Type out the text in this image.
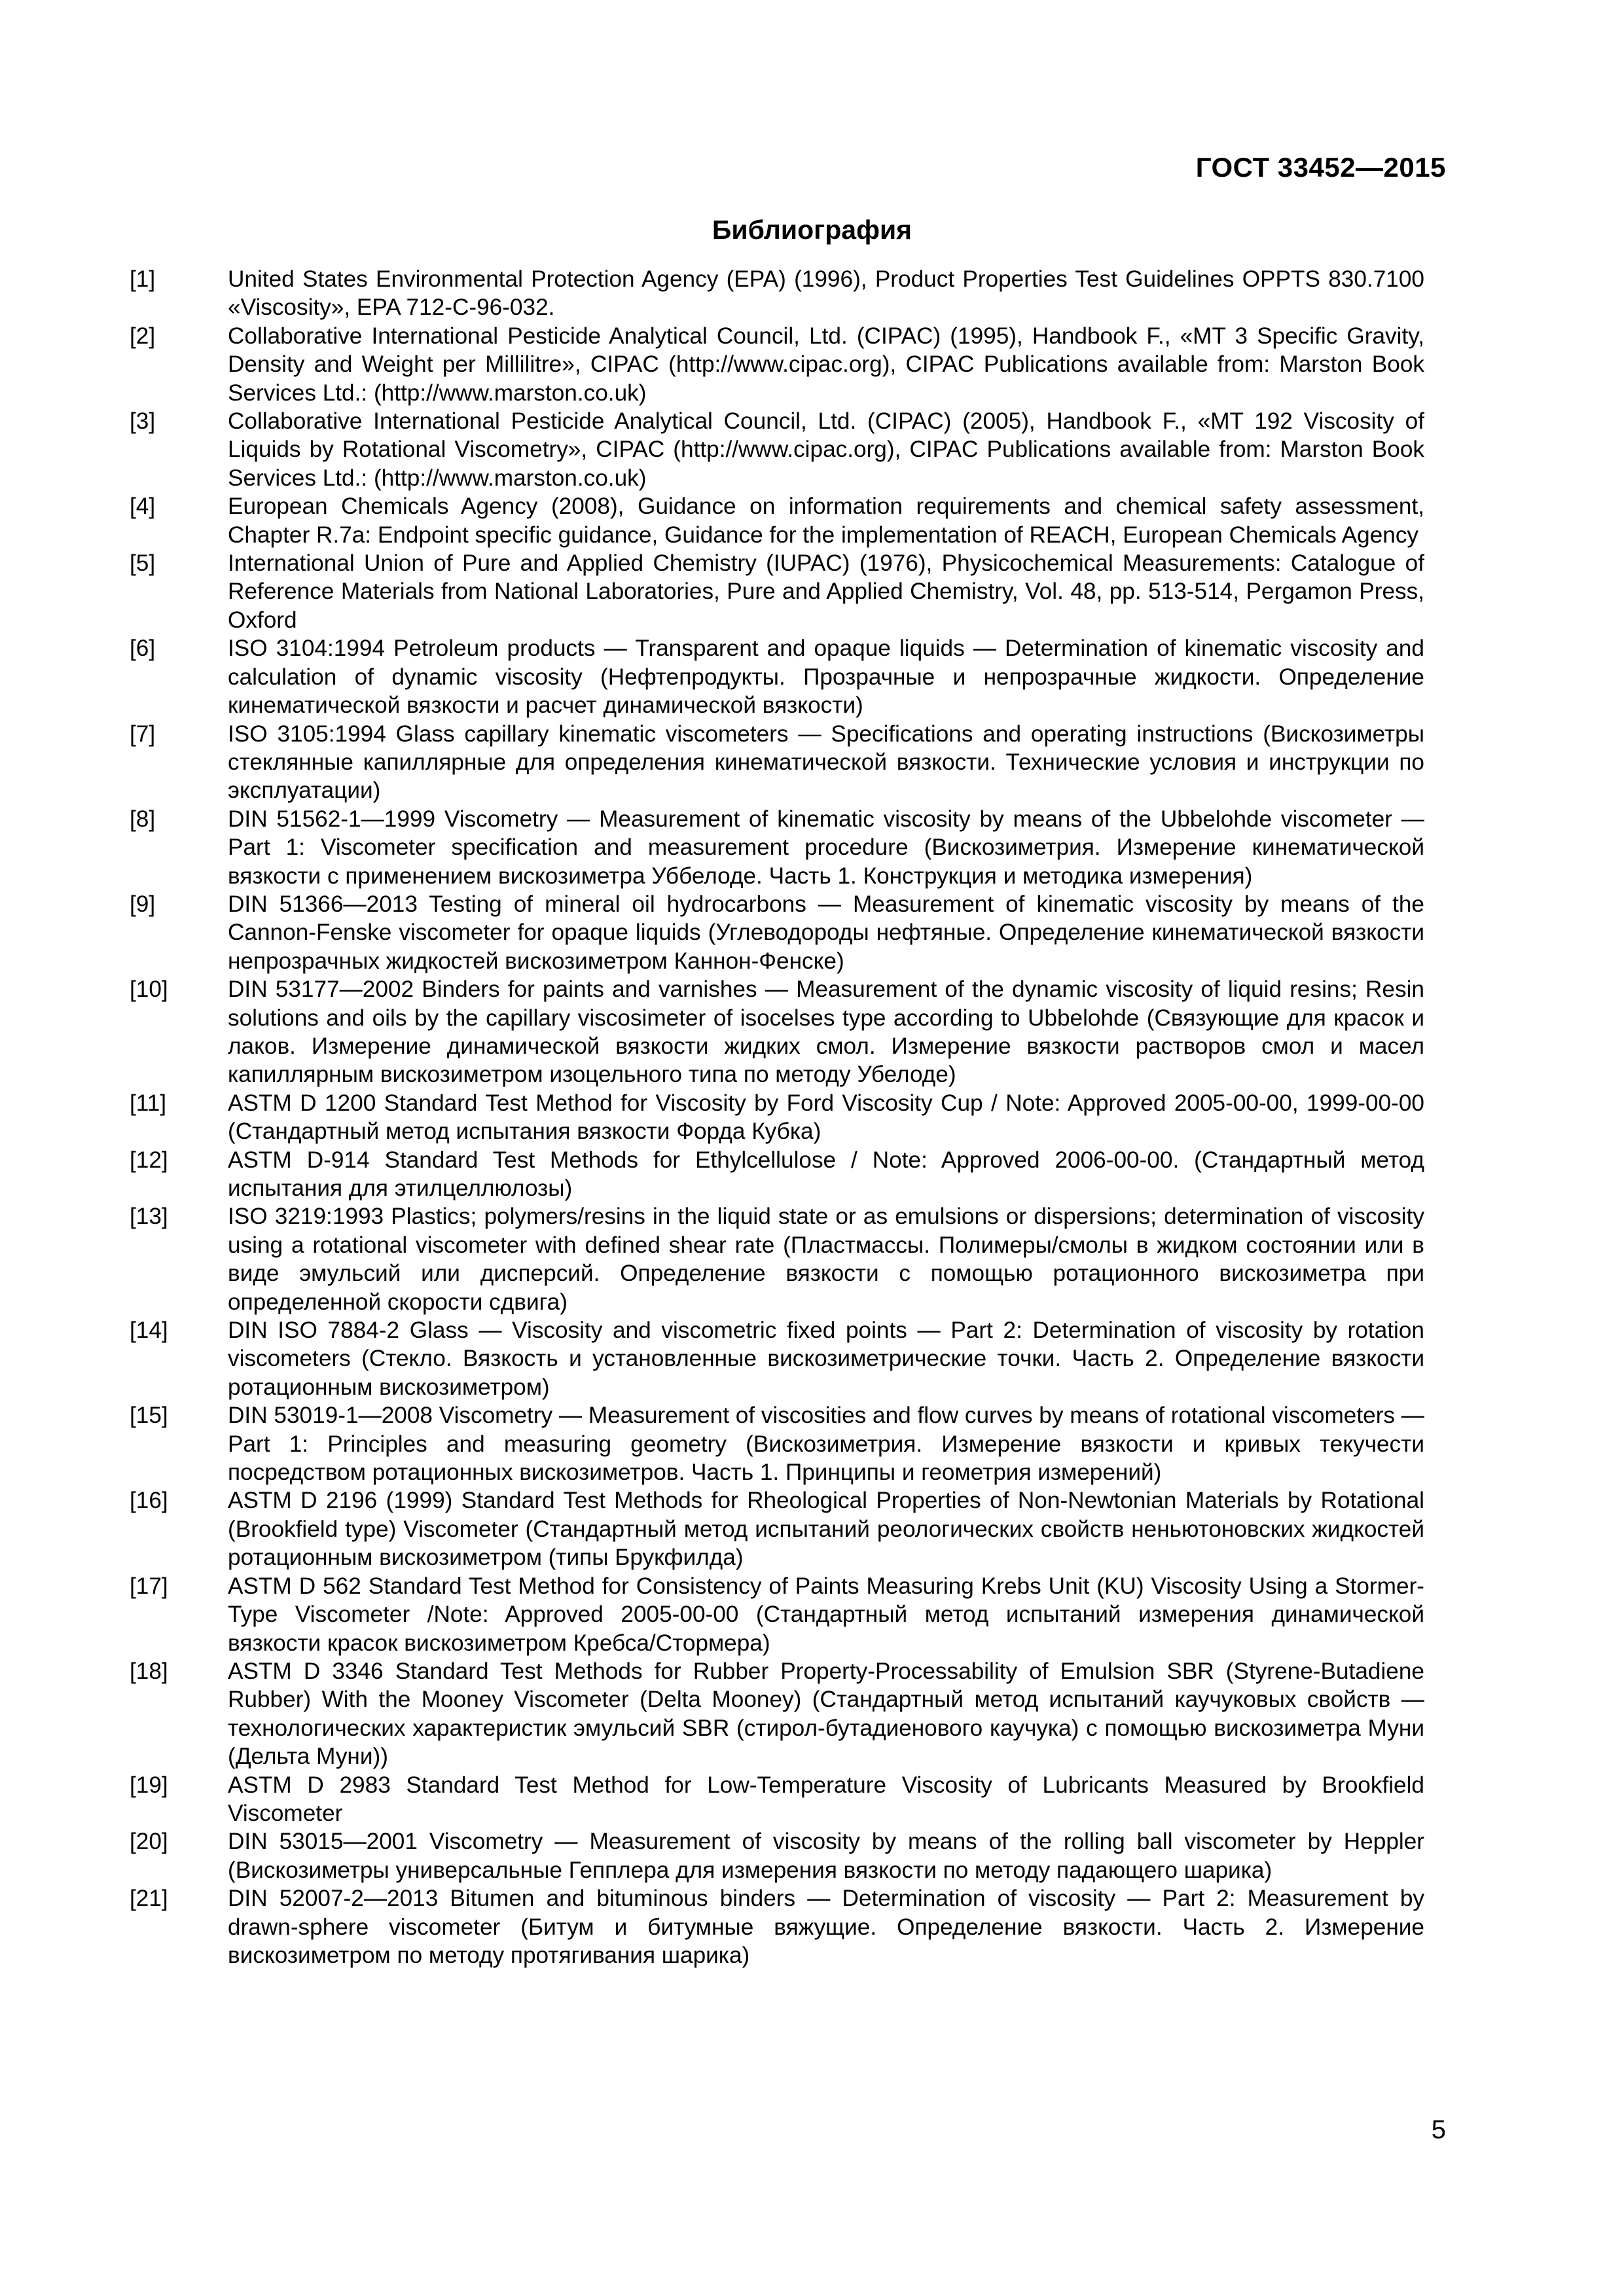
ГОСТ 33452—2015
Библиография
[1]	United States Environmental Protection Agency (EPA) (1996), Product Properties Test Guidelines OPPTS 830.7100 «Viscosity», EPA 712-C-96-032.
[2]	Collaborative International Pesticide Analytical Council, Ltd. (CIPAC) (1995), Handbook F., «MT 3 Specific Gravity, Density and Weight per Millilitre», CIPAC (http://www.cipac.org), CIPAC Publications available from: Marston Book Services Ltd.: (http://www.marston.co.uk)
[3]	Collaborative International Pesticide Analytical Council, Ltd. (CIPAC) (2005), Handbook F., «MT 192 Viscosity of Liquids by Rotational Viscometry», CIPAC (http://www.cipac.org), CIPAC Publications available from: Marston Book Services Ltd.: (http://www.marston.co.uk)
[4]	European Chemicals Agency (2008), Guidance on information requirements and chemical safety assessment, Chapter R.7a: Endpoint specific guidance, Guidance for the implementation of REACH, European Chemicals Agency
[5]	International Union of Pure and Applied Chemistry (IUPAC) (1976), Physicochemical Measurements: Catalogue of Reference Materials from National Laboratories, Pure and Applied Chemistry, Vol. 48, pp. 513-514, Pergamon Press, Oxford
[6]	ISO 3104:1994 Petroleum products — Transparent and opaque liquids — Determination of kinematic viscosity and calculation of dynamic viscosity (Нефтепродукты. Прозрачные и непрозрачные жидкости. Определение кинематической вязкости и расчет динамической вязкости)
[7]	ISO 3105:1994 Glass capillary kinematic viscometers — Specifications and operating instructions (Вискозиметры стеклянные капиллярные для определения кинематической вязкости. Технические условия и инструкции по эксплуатации)
[8]	DIN 51562-1—1999 Viscometry — Measurement of kinematic viscosity by means of the Ubbelohde viscometer — Part 1: Viscometer specification and measurement procedure (Вискозиметрия. Измерение кинематической вязкости с применением вискозиметра Уббелоде. Часть 1. Конструкция и методика измерения)
[9]	DIN 51366—2013 Testing of mineral oil hydrocarbons — Measurement of kinematic viscosity by means of the Cannon-Fenske viscometer for opaque liquids (Углеводороды нефтяные. Определение кинематической вязкости непрозрачных жидкостей вискозиметром Каннон-Фенске)
[10]	DIN 53177—2002 Binders for paints and varnishes — Measurement of the dynamic viscosity of liquid resins; Resin solutions and oils by the capillary viscosimeter of isocelses type according to Ubbelohde (Связующие для красок и лаков. Измерение динамической вязкости жидких смол. Измерение вязкости растворов смол и масел капиллярным вискозиметром изоцельного типа по методу Убелоде)
[11]	ASTM D 1200 Standard Test Method for Viscosity by Ford Viscosity Cup / Note: Approved 2005-00-00, 1999-00-00 (Стандартный метод испытания вязкости Форда Кубка)
[12]	ASTM D-914 Standard Test Methods for Ethylcellulose / Note: Approved 2006-00-00. (Стандартный метод испытания для этилцеллюлозы)
[13]	ISO 3219:1993 Plastics; polymers/resins in the liquid state or as emulsions or dispersions; determination of viscosity using a rotational viscometer with defined shear rate (Пластмассы. Полимеры/смолы в жидком состоянии или в виде эмульсий или дисперсий. Определение вязкости с помощью ротационного вискозиметра при определенной скорости сдвига)
[14]	DIN ISO 7884-2 Glass — Viscosity and viscometric fixed points — Part 2: Determination of viscosity by rotation viscometers (Стекло. Вязкость и установленные вискозиметрические точки. Часть 2. Определение вязкости ротационным вискозиметром)
[15]	DIN 53019-1—2008 Viscometry — Measurement of viscosities and flow curves by means of rotational viscometers — Part 1: Principles and measuring geometry (Вискозиметрия. Измерение вязкости и кривых текучести посредством ротационных вискозиметров. Часть 1. Принципы и геометрия измерений)
[16]	ASTM D 2196 (1999) Standard Test Methods for Rheological Properties of Non-Newtonian Materials by Rotational (Brookfield type) Viscometer (Стандартный метод испытаний реологических свойств неньютоновских жидкостей ротационным вискозиметром (типы Брукфилда)
[17]	ASTM D 562 Standard Test Method for Consistency of Paints Measuring Krebs Unit (KU) Viscosity Using a Stormer-Type Viscometer /Note: Approved 2005-00-00 (Стандартный метод испытаний измерения динамической вязкости красок вискозиметром Кребса/Стормера)
[18]	ASTM D 3346 Standard Test Methods for Rubber Property-Processability of Emulsion SBR (Styrene-Butadiene Rubber) With the Mooney Viscometer (Delta Mooney) (Стандартный метод испытаний каучуковых свойств — технологических характеристик эмульсий SBR (стирол-бутадиенового каучука) с помощью вискозиметра Муни (Дельта Муни))
[19]	ASTM D 2983 Standard Test Method for Low-Temperature Viscosity of Lubricants Measured by Brookfield Viscometer
[20]	DIN 53015—2001 Viscometry — Measurement of viscosity by means of the rolling ball viscometer by Heppler (Вискозиметры универсальные Гепплера для измерения вязкости по методу падающего шарика)
[21]	DIN 52007-2—2013 Bitumen and bituminous binders — Determination of viscosity — Part 2: Measurement by drawn-sphere viscometer (Битум и битумные вяжущие. Определение вязкости. Часть 2. Измерение вискозиметром по методу протягивания шарика)
5
